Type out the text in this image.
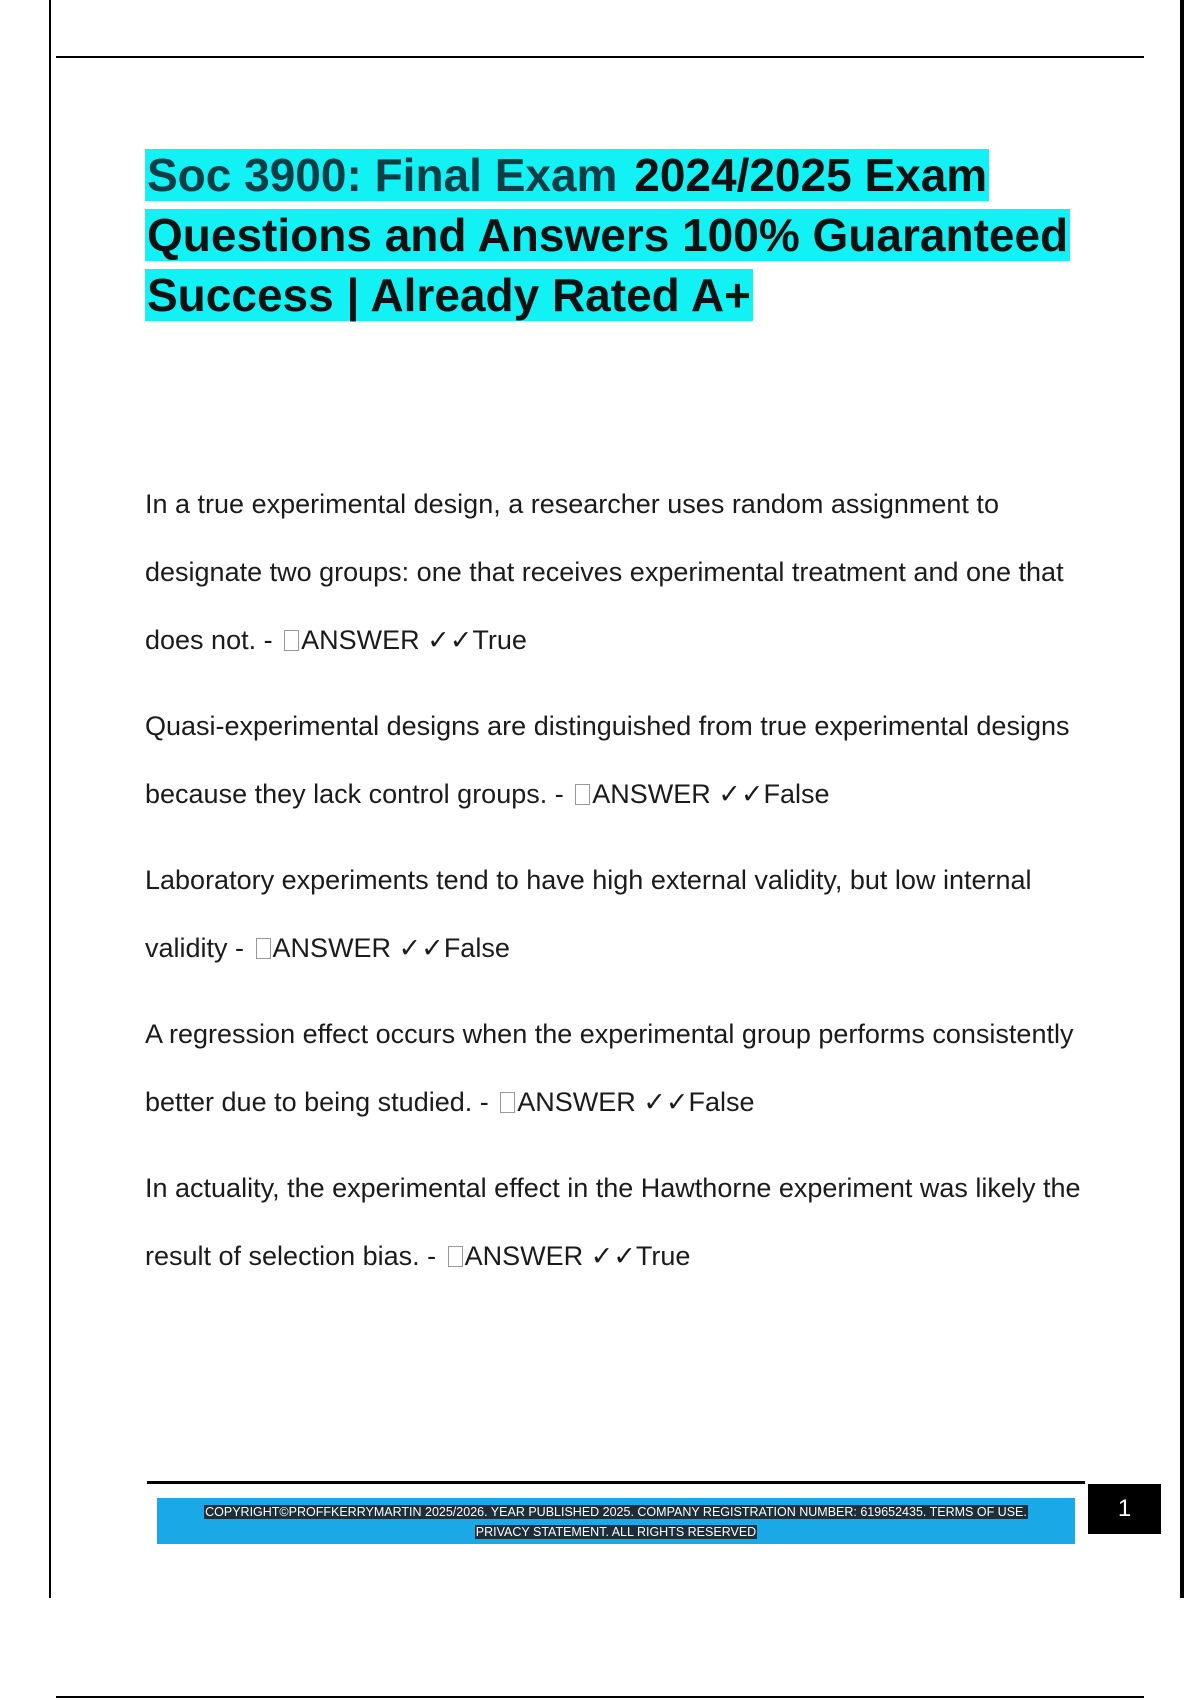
Soc 3900: Final Exam 2024/2025 Exam Questions and Answers 100% Guaranteed Success | Already Rated A+

In a true experimental design, a researcher uses random assignment to designate two groups: one that receives experimental treatment and one that does not. - ANSWER ✓✓True

Quasi-experimental designs are distinguished from true experimental designs because they lack control groups. - ANSWER ✓✓False

Laboratory experiments tend to have high external validity, but low internal validity - ANSWER ✓✓False

A regression effect occurs when the experimental group performs consistently better due to being studied. - ANSWER ✓✓False

In actuality, the experimental effect in the Hawthorne experiment was likely the result of selection bias. - ANSWER ✓✓True

COPYRIGHT©PROFFKERRYMARTIN 2025/2026. YEAR PUBLISHED 2025. COMPANY REGISTRATION NUMBER: 619652435. TERMS OF USE.
PRIVACY STATEMENT. ALL RIGHTS RESERVED
1
